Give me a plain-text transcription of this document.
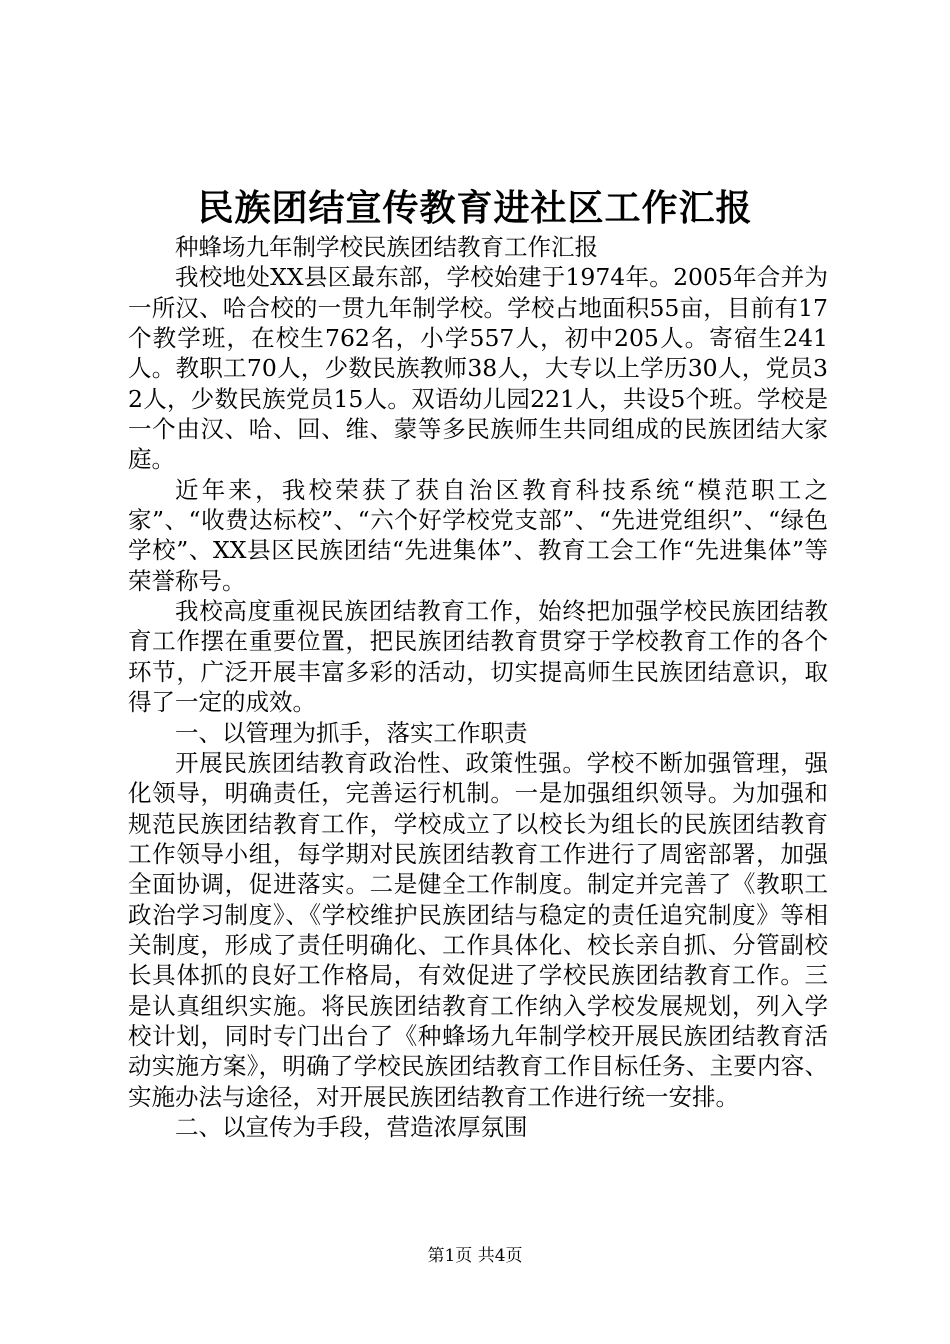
民族团结宣传教育进社区工作汇报

种蜂场九年制学校民族团结教育工作汇报

我校地处XX县区最东部，学校始建于1974年。2005年合并为一所汉、哈合校的一贯九年制学校。学校占地面积55亩，目前有17个教学班，在校生762名，小学557人，初中205人。寄宿生241人。教职工70人，少数民族教师38人，大专以上学历30人，党员32人，少数民族党员15人。双语幼儿园221人，共设5个班。学校是一个由汉、哈、回、维、蒙等多民族师生共同组成的民族团结大家庭。

近年来，我校荣获了获自治区教育科技系统“模范职工之家”、“收费达标校”、“六个好学校党支部”、“先进党组织”、“绿色学校”、XX县区民族团结“先进集体”、教育工会工作“先进集体”等荣誉称号。

我校高度重视民族团结教育工作，始终把加强学校民族团结教育工作摆在重要位置，把民族团结教育贯穿于学校教育工作的各个环节，广泛开展丰富多彩的活动，切实提高师生民族团结意识，取得了一定的成效。

一、以管理为抓手，落实工作职责

开展民族团结教育政治性、政策性强。学校不断加强管理，强化领导，明确责任，完善运行机制。一是加强组织领导。为加强和规范民族团结教育工作，学校成立了以校长为组长的民族团结教育工作领导小组，每学期对民族团结教育工作进行了周密部署，加强全面协调，促进落实。二是健全工作制度。制定并完善了《教职工政治学习制度》、《学校维护民族团结与稳定的责任追究制度》等相关制度，形成了责任明确化、工作具体化、校长亲自抓、分管副校长具体抓的良好工作格局，有效促进了学校民族团结教育工作。三是认真组织实施。将民族团结教育工作纳入学校发展规划，列入学校计划，同时专门出台了《种蜂场九年制学校开展民族团结教育活动实施方案》，明确了学校民族团结教育工作目标任务、主要内容、实施办法与途径，对开展民族团结教育工作进行统一安排。

二、以宣传为手段，营造浓厚氛围

第1页 共4页
